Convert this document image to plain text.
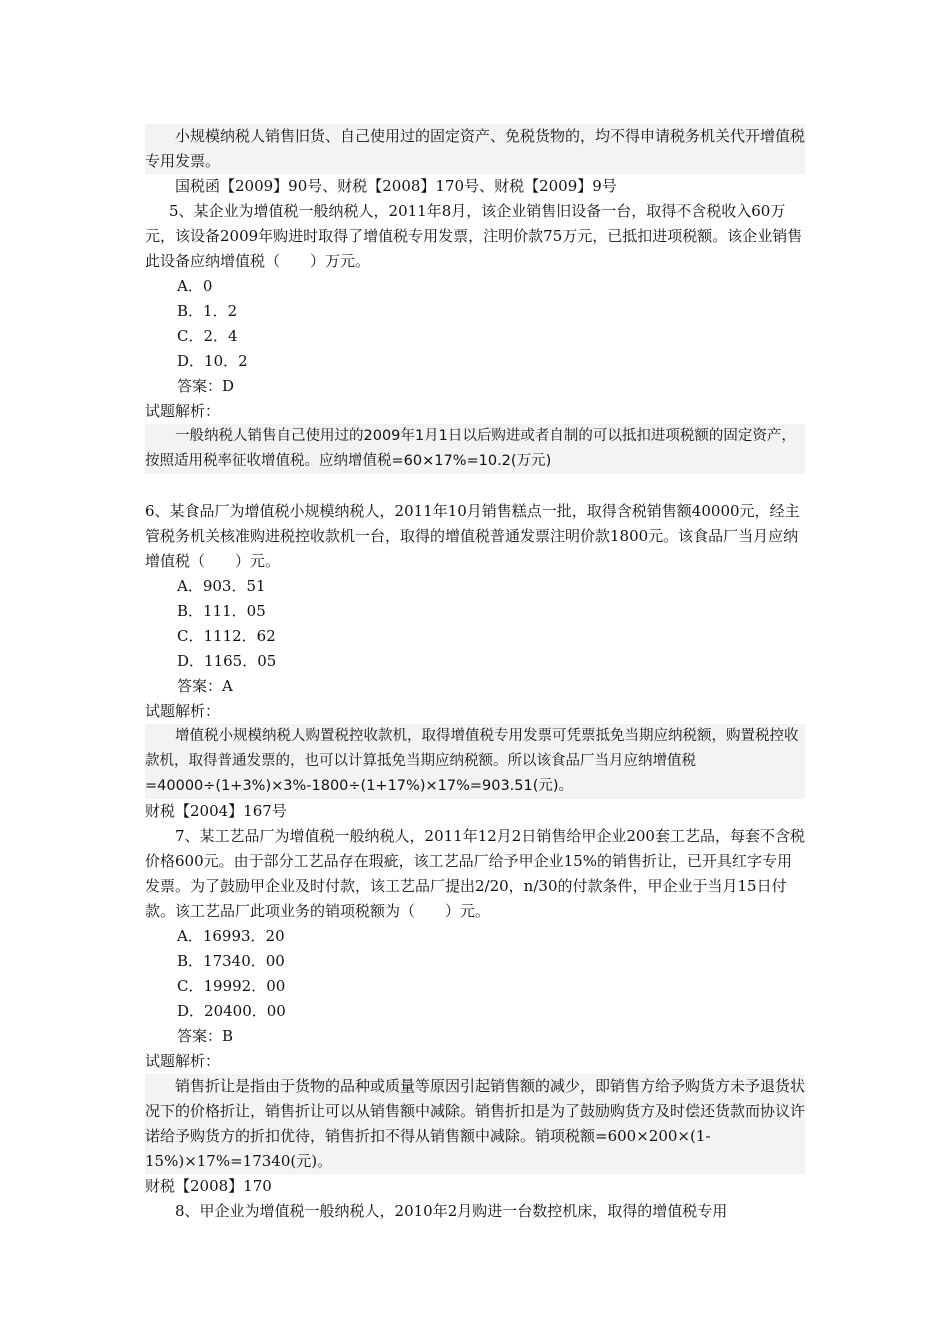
小规模纳税人销售旧货、自己使用过的固定资产、免税货物的，均不得申请税务机关代开增值税专用发票。

国税函【2009】90号、财税【2008】170号、财税【2009】9号

5、某企业为增值税一般纳税人，2011年8月，该企业销售旧设备一台，取得不含税收入60万元，该设备2009年购进时取得了增值税专用发票，注明价款75万元，已抵扣进项税额。该企业销售此设备应纳增值税（　　）万元。

A．0

B．1．2

C．2．4

D．10．2

答案：D

试题解析：

一般纳税人销售自己使用过的2009年1月1日以后购进或者自制的可以抵扣进项税额的固定资产，按照适用税率征收增值税。应纳增值税=60×17%=10.2(万元)

6、某食品厂为增值税小规模纳税人，2011年10月销售糕点一批，取得含税销售额40000元，经主管税务机关核准购进税控收款机一台，取得的增值税普通发票注明价款1800元。该食品厂当月应纳增值税（　　）元。

A．903．51

B．111．05

C．1112．62

D．1165．05

答案：A

试题解析：

增值税小规模纳税人购置税控收款机，取得增值税专用发票可凭票抵免当期应纳税额，购置税控收款机，取得普通发票的，也可以计算抵免当期应纳税额。所以该食品厂当月应纳增值税=40000÷(1+3%)×3%-1800÷(1+17%)×17%=903.51(元)。

财税【2004】167号

7、某工艺品厂为增值税一般纳税人，2011年12月2日销售给甲企业200套工艺品，每套不含税价格600元。由于部分工艺品存在瑕疵，该工艺品厂给予甲企业15%的销售折让，已开具红字专用发票。为了鼓励甲企业及时付款，该工艺品厂提出2/20，n/30的付款条件，甲企业于当月15日付款。该工艺品厂此项业务的销项税额为（　　）元。

A．16993．20

B．17340．00

C．19992．00

D．20400．00

答案：B

试题解析：

销售折让是指由于货物的品种或质量等原因引起销售额的减少，即销售方给予购货方未予退货状况下的价格折让，销售折让可以从销售额中减除。销售折扣是为了鼓励购货方及时偿还货款而协议许诺给予购货方的折扣优待，销售折扣不得从销售额中减除。销项税额=600×200×(1-15%)×17%=17340(元)。

财税【2008】170

8、甲企业为增值税一般纳税人，2010年2月购进一台数控机床，取得的增值税专用
